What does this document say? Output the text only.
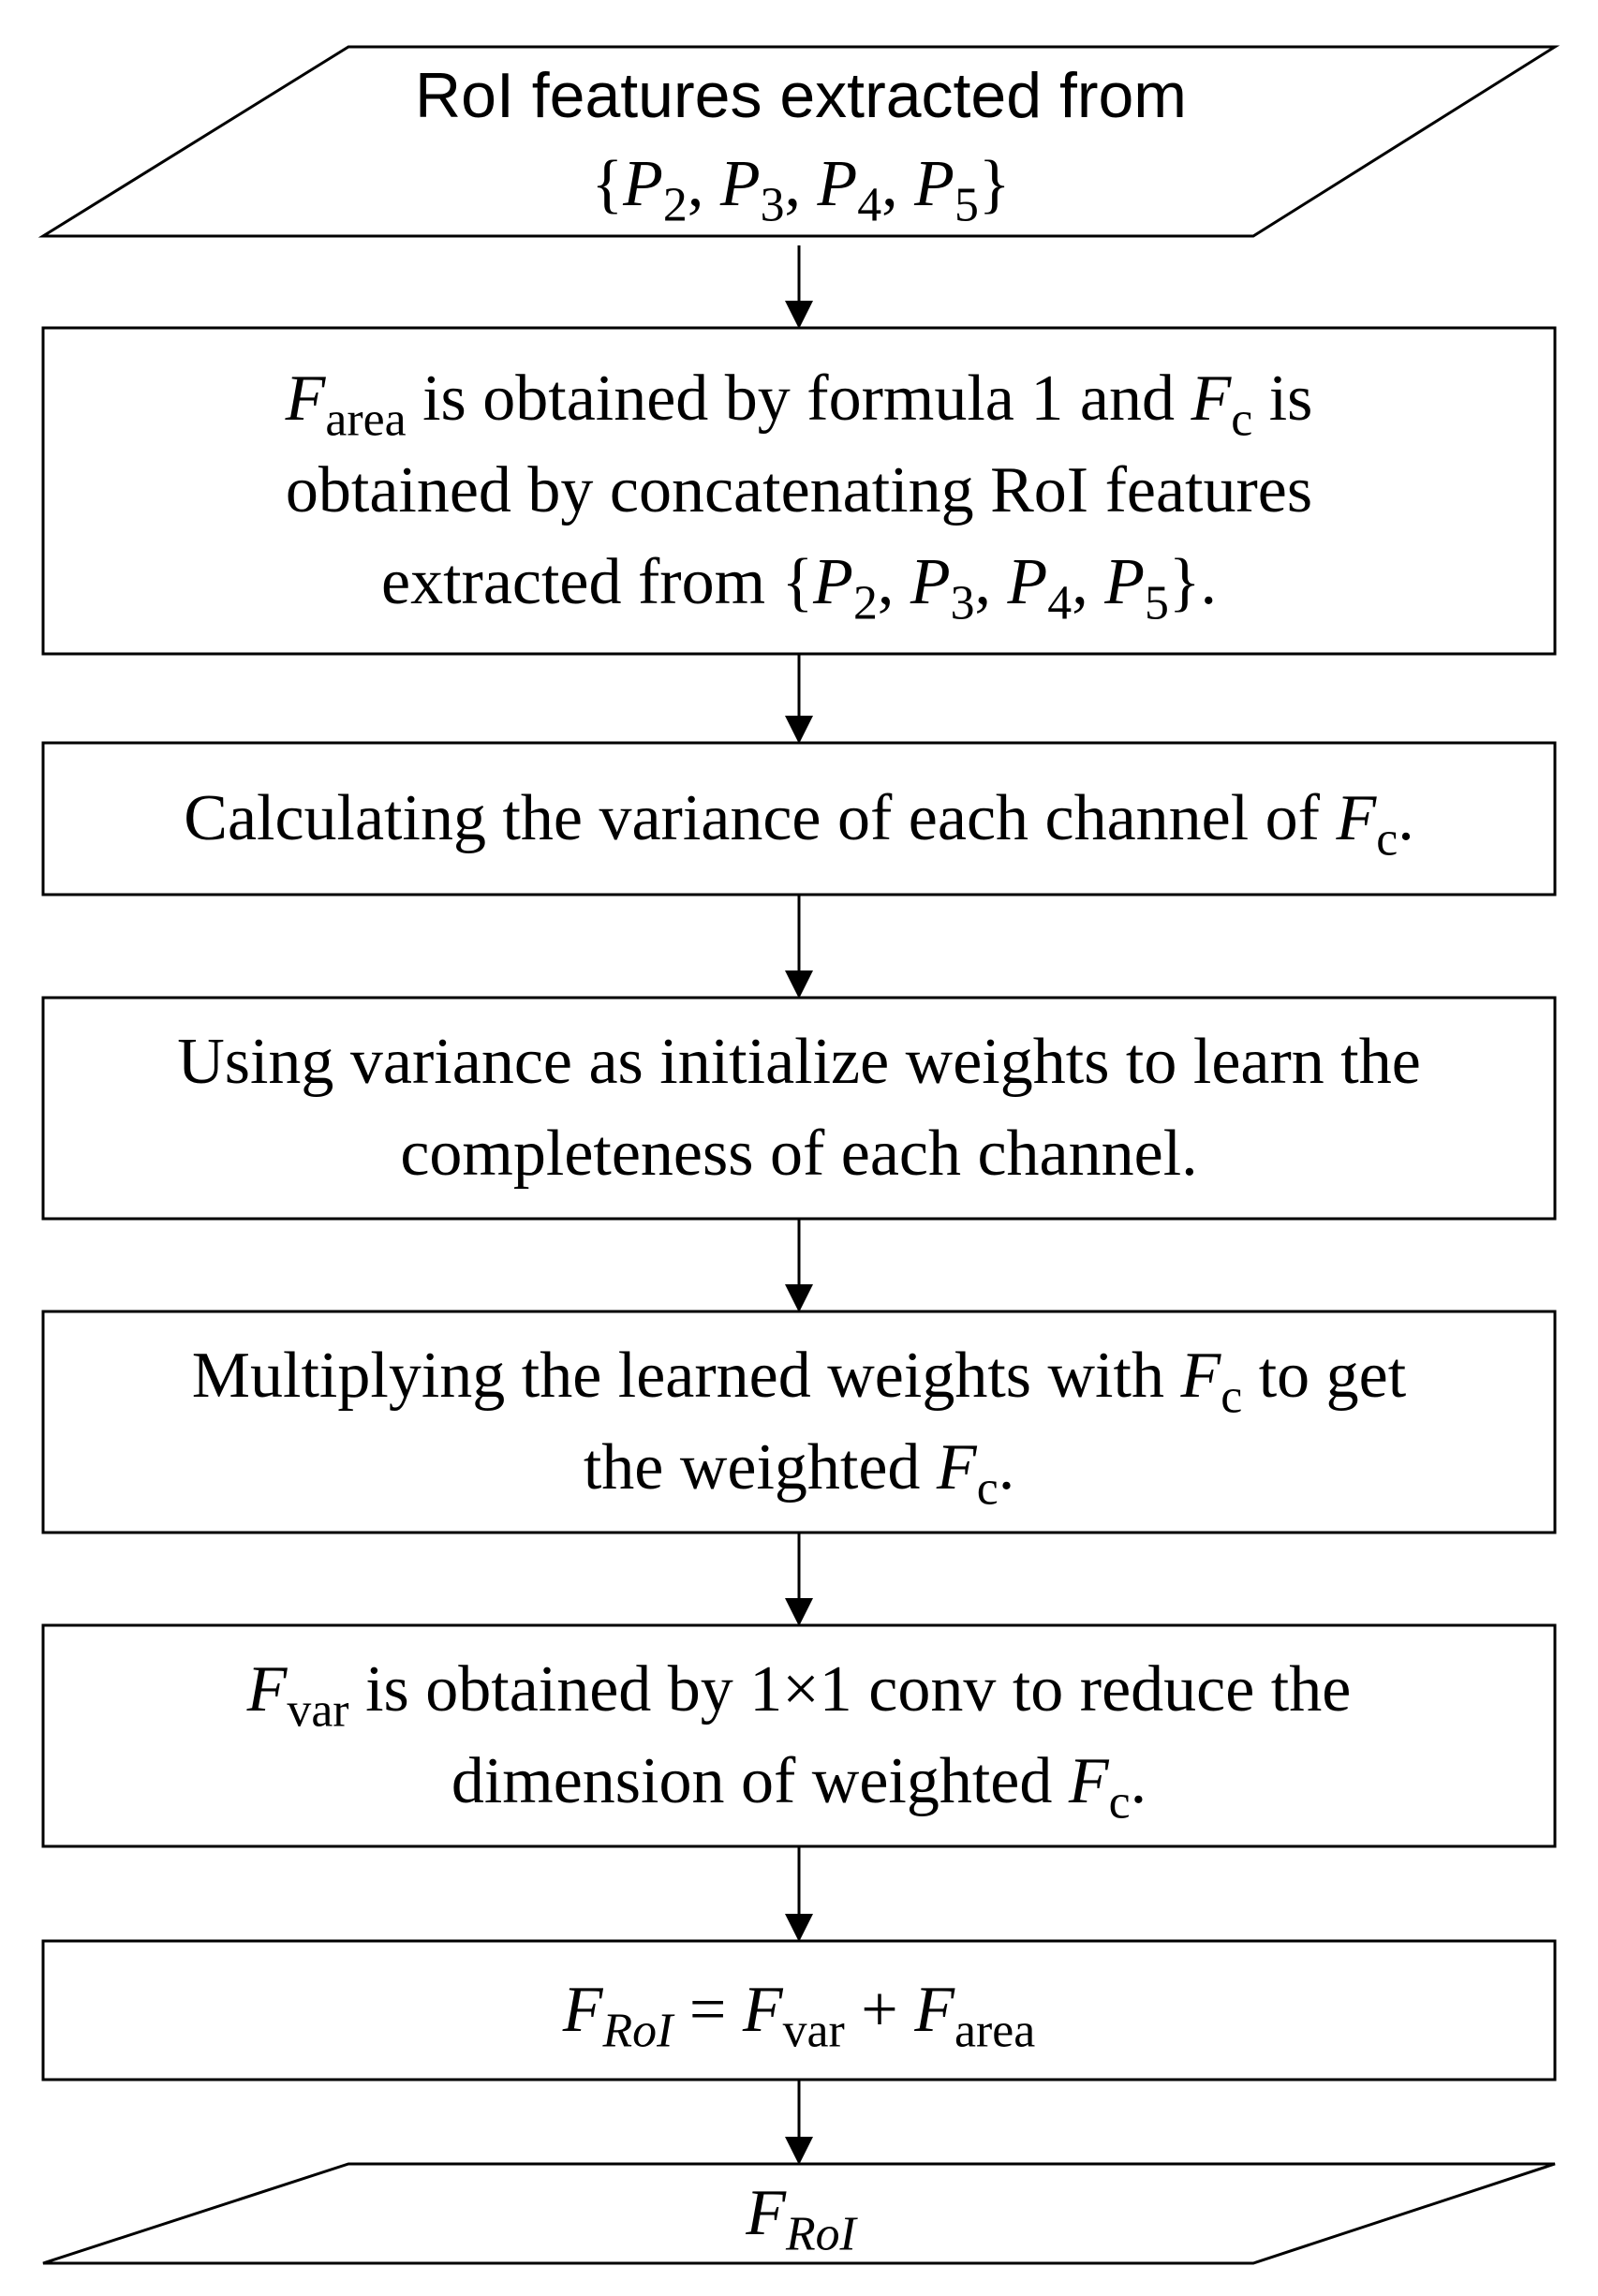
RoI features extracted from
{$P_2$, $P_3$, $P_4$, $P_5$}
$F_{area}$ is obtained by formula 1 and $F_c$ is
obtained by concatenating RoI features
extracted from {$P_2$, $P_3$, $P_4$, $P_5$}.
Calculating the variance of each channel of $F_c$.
Using variance as initialize weights to learn the
completeness of each channel.
Multiplying the learned weights with $F_c$ to get
the weighted $F_c$.
$F_{var}$ is obtained by 1×1 conv to reduce the
dimension of weighted $F_c$.
$F_{RoI} = F_{var} + F_{area}$
$F_{RoI}$
